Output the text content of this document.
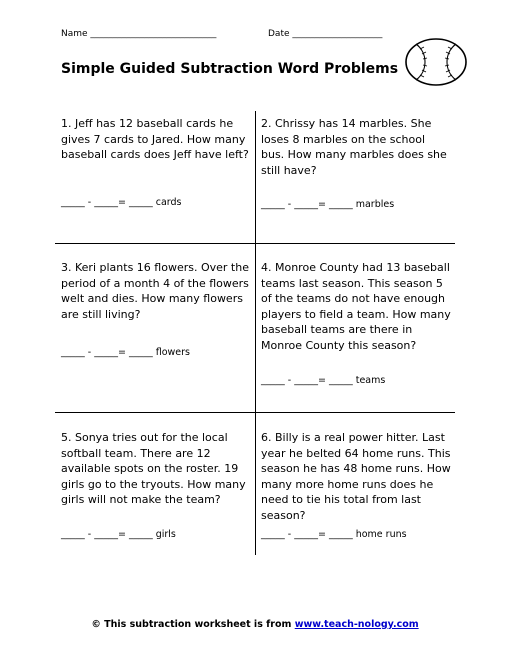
Name ____________________________	Date ____________________
Simple Guided Subtraction Word Problems
1. Jeff has 12 baseball cards he gives 7 cards to Jared. How many baseball cards does Jeff have left?
_____ - _____= _____ cards
2. Chrissy has 14 marbles. She loses 8 marbles on the school bus. How many marbles does she still have?
_____ - _____= _____ marbles
3. Keri plants 16 flowers. Over the period of a month 4 of the flowers welt and dies. How many flowers are still living?
_____ - _____= _____ flowers
4. Monroe County had 13 baseball teams last season. This season 5 of the teams do not have enough players to field a team. How many baseball teams are there in Monroe County this season?
_____ - _____= _____ teams
5. Sonya tries out for the local softball team. There are 12 available spots on the roster. 19 girls go to the tryouts. How many girls will not make the team?
_____ - _____= _____ girls
6. Billy is a real power hitter. Last year he belted 64 home runs. This season he has 48 home runs. How many more home runs does he need to tie his total from last season?
_____ - _____= _____ home runs
© This subtraction worksheet is from www.teach-nology.com
